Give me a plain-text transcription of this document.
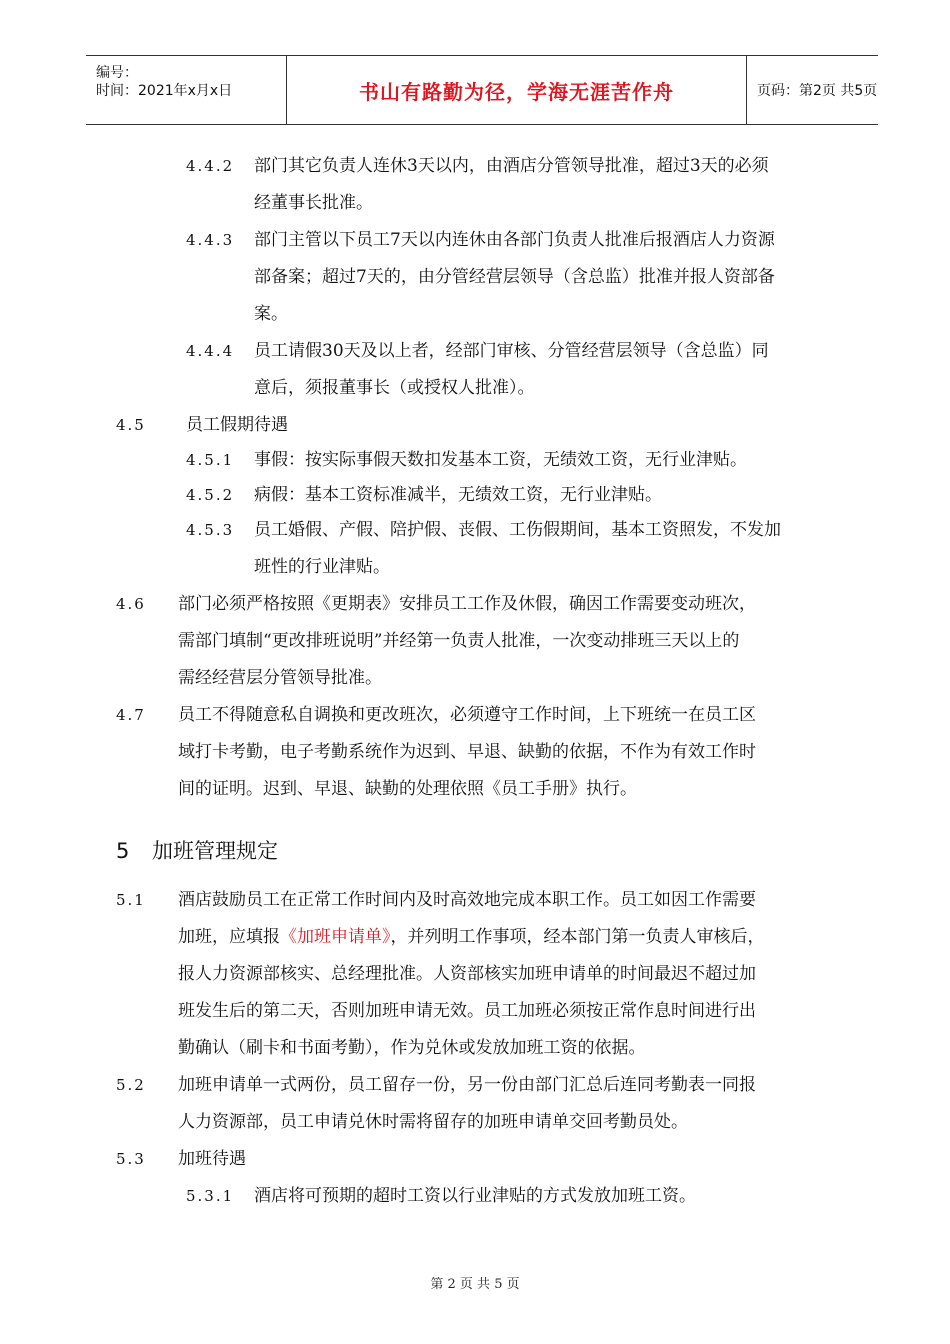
编号：
时间：2021年x月x日	书山有路勤为径，学海无涯苦作舟	页码：第2页 共5页
4.4.2 部门其它负责人连休3天以内，由酒店分管领导批准，超过3天的必须
经董事长批准。
4.4.3 部门主管以下员工7天以内连休由各部门负责人批准后报酒店人力资源
部备案；超过7天的，由分管经营层领导（含总监）批准并报人资部备
案。
4.4.4 员工请假30天及以上者，经部门审核、分管经营层领导（含总监）同
意后，须报董事长（或授权人批准）。
4.5 员工假期待遇
4.5.1 事假：按实际事假天数扣发基本工资，无绩效工资，无行业津贴。
4.5.2 病假：基本工资标准减半，无绩效工资，无行业津贴。
4.5.3 员工婚假、产假、陪护假、丧假、工伤假期间，基本工资照发，不发加
班性的行业津贴。
4.6 部门必须严格按照《更期表》安排员工工作及休假，确因工作需要变动班次，
需部门填制“更改排班说明”并经第一负责人批准，一次变动排班三天以上的
需经经营层分管领导批准。
4.7 员工不得随意私自调换和更改班次，必须遵守工作时间，上下班统一在员工区
域打卡考勤，电子考勤系统作为迟到、早退、缺勤的依据，不作为有效工作时
间的证明。迟到、早退、缺勤的处理依照《员工手册》执行。
5 加班管理规定
5.1 酒店鼓励员工在正常工作时间内及时高效地完成本职工作。员工如因工作需要
加班，应填报《加班申请单》，并列明工作事项，经本部门第一负责人审核后，
报人力资源部核实、总经理批准。人资部核实加班申请单的时间最迟不超过加
班发生后的第二天，否则加班申请无效。员工加班必须按正常作息时间进行出
勤确认（刷卡和书面考勤），作为兑休或发放加班工资的依据。
5.2 加班申请单一式两份，员工留存一份，另一份由部门汇总后连同考勤表一同报
人力资源部，员工申请兑休时需将留存的加班申请单交回考勤员处。
5.3 加班待遇
5.3.1 酒店将可预期的超时工资以行业津贴的方式发放加班工资。
第 2 页 共 5 页
